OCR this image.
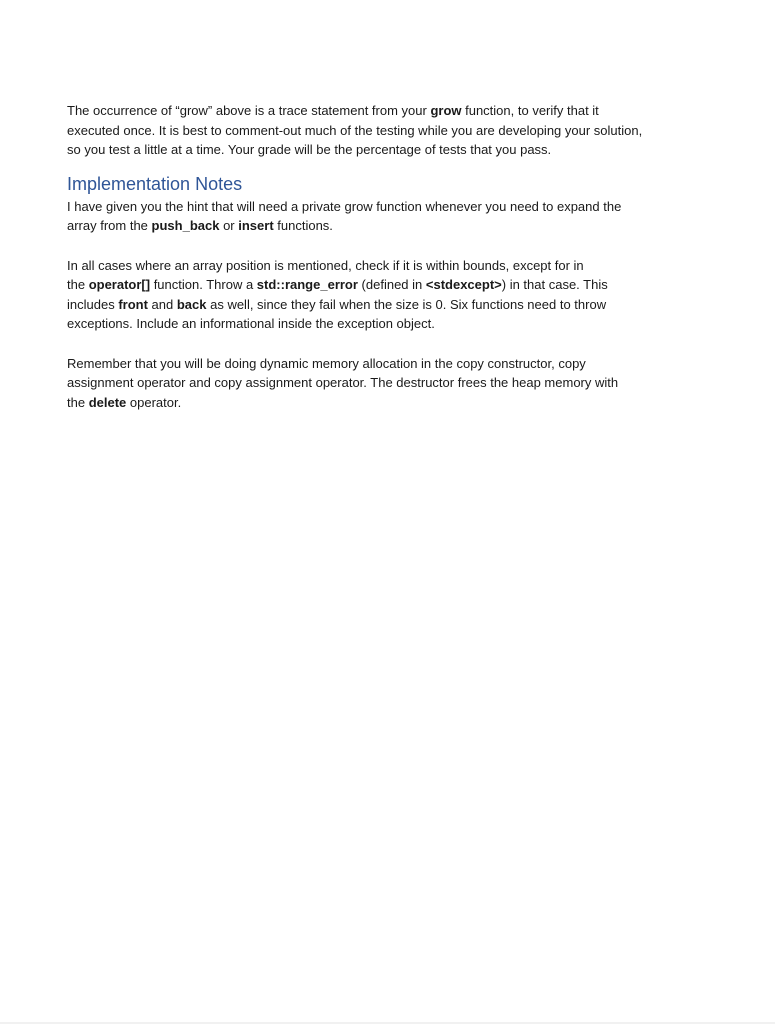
The occurrence of “grow” above is a trace statement from your grow function, to verify that it
executed once. It is best to comment-out much of the testing while you are developing your solution,
so you test a little at a time. Your grade will be the percentage of tests that you pass.

Implementation Notes

I have given you the hint that will need a private grow function whenever you need to expand the
array from the push_back or insert functions.

In all cases where an array position is mentioned, check if it is within bounds, except for in
the operator[] function. Throw a std::range_error (defined in <stdexcept>) in that case. This
includes front and back as well, since they fail when the size is 0. Six functions need to throw
exceptions. Include an informational inside the exception object.

Remember that you will be doing dynamic memory allocation in the copy constructor, copy
assignment operator and copy assignment operator. The destructor frees the heap memory with
the delete operator.
